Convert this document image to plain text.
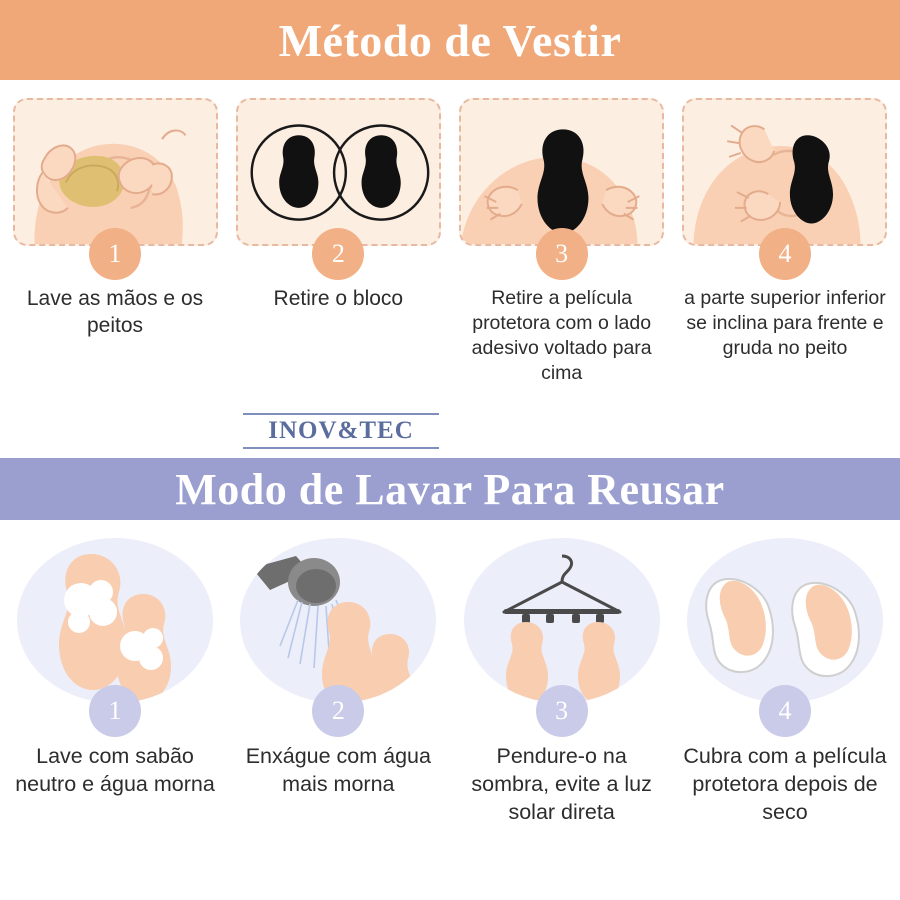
Método de Vestir
1
Lave as mãos e os peitos
2
Retire o bloco
3
Retire a película protetora com o lado adesivo voltado para cima
4
a parte superior inferior se inclina para frente e gruda no peito
INOV&TEC
Modo de Lavar Para Reusar
1
Lave com sabão neutro e água morna
2
Enxágue com água mais morna
3
Pendure-o na sombra, evite a luz solar direta
4
Cubra com a película protetora depois de seco
